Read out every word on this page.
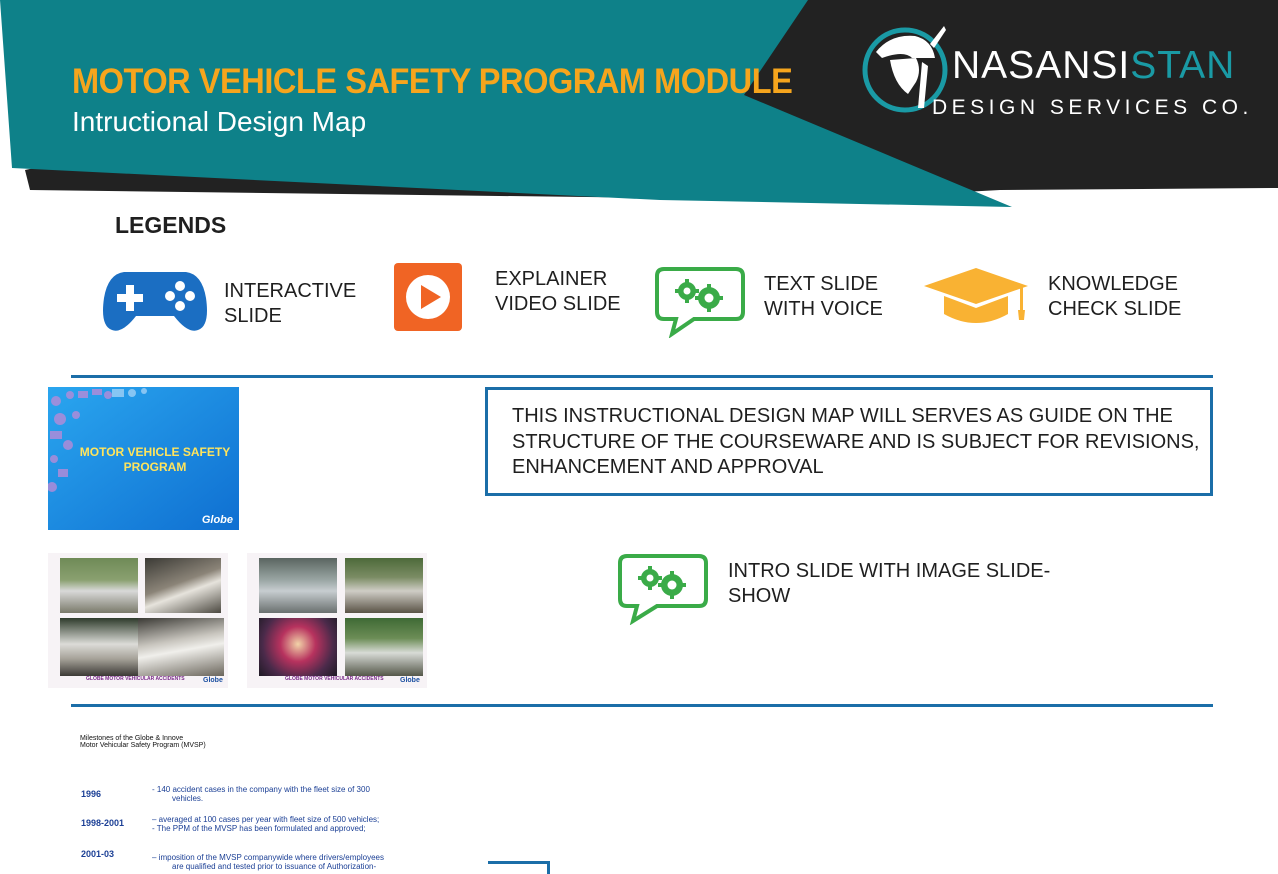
MOTOR VEHICLE SAFETY PROGRAM MODULE
Intructional Design Map
NASANSISTAN
DESIGN SERVICES CO.
LEGENDS
INTERACTIVE
SLIDE
EXPLAINER
VIDEO SLIDE
TEXT SLIDE
WITH VOICE
KNOWLEDGE
CHECK SLIDE
MOTOR VEHICLE SAFETY
PROGRAM
Globe
THIS INSTRUCTIONAL DESIGN MAP WILL SERVES AS GUIDE ON THE STRUCTURE OF THE COURSEWARE AND IS SUBJECT FOR REVISIONS, ENHANCEMENT AND APPROVAL
GLOBE MOTOR VEHICULAR ACCIDENTS	Globe	GLOBE MOTOR VEHICULAR ACCIDENTS Globe
INTRO SLIDE WITH IMAGE SLIDE-
SHOW
Milestones of the Globe & Innove
Motor Vehicular Safety Program (MVSP)
1996	- 140 accident cases in the company with the fleet size of 300
vehicles.
1998-2001	– averaged at 100 cases per year with fleet size of 500 vehicles;
- The PPM of the MVSP has been formulated and approved;
2001-03	– imposition of the MVSP companywide where drivers/employees
are qualified and tested prior to issuance of Authorization-
